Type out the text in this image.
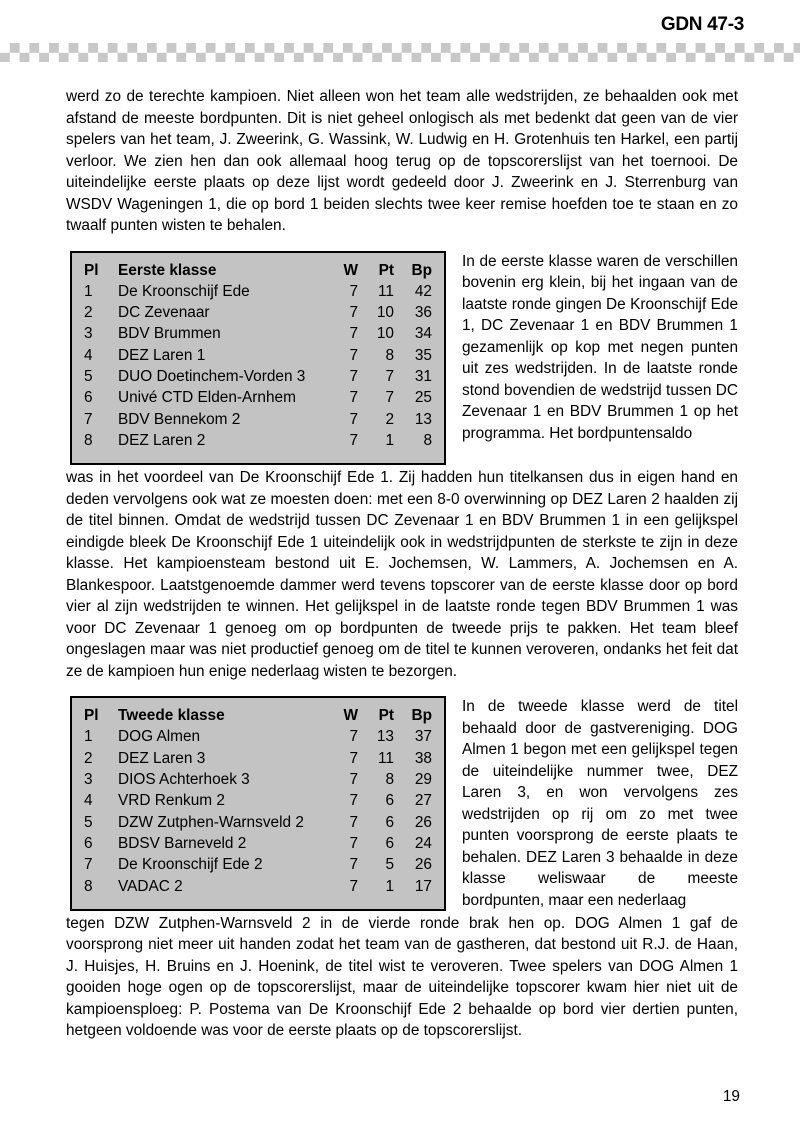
GDN 47-3

werd zo de terechte kampioen. Niet alleen won het team alle wedstrijden, ze behaalden ook met afstand de meeste bordpunten. Dit is niet geheel onlogisch als met bedenkt dat geen van de vier spelers van het team, J. Zweerink, G. Wassink, W. Ludwig en H. Grotenhuis ten Harkel, een partij verloor. We zien hen dan ook allemaal hoog terug op de topscorerslijst van het toernooi. De uiteindelijke eerste plaats op deze lijst wordt gedeeld door J. Zweerink en J. Sterrenburg van WSDV Wageningen 1, die op bord 1 beiden slechts twee keer remise hoefden toe te staan en zo twaalf punten wisten te behalen.

Pl	Eerste klasse	W	Pt	Bp
1	De Kroonschijf Ede	7	11	42
2	DC Zevenaar	7	10	36
3	BDV Brummen	7	10	34
4	DEZ Laren 1	7	8	35
5	DUO Doetinchem-Vorden 3	7	7	31
6	Univé CTD Elden-Arnhem	7	7	25
7	BDV Bennekom 2	7	2	13
8	DEZ Laren 2	7	1	8

In de eerste klasse waren de verschillen bovenin erg klein, bij het ingaan van de laatste ronde gingen De Kroonschijf Ede 1, DC Zevenaar 1 en BDV Brummen 1 gezamenlijk op kop met negen punten uit zes wedstrijden. In de laatste ronde stond bovendien de wedstrijd tussen DC Zevenaar 1 en BDV Brummen 1 op het programma. Het bordpuntensaldo

was in het voordeel van De Kroonschijf Ede 1. Zij hadden hun titelkansen dus in eigen hand en deden vervolgens ook wat ze moesten doen: met een 8-0 overwinning op DEZ Laren 2 haalden zij de titel binnen. Omdat de wedstrijd tussen DC Zevenaar 1 en BDV Brummen 1 in een gelijkspel eindigde bleek De Kroonschijf Ede 1 uiteindelijk ook in wedstrijdpunten de sterkste te zijn in deze klasse. Het kampioensteam bestond uit E. Jochemsen, W. Lammers, A. Jochemsen en A. Blankespoor. Laatstgenoemde dammer werd tevens topscorer van de eerste klasse door op bord vier al zijn wedstrijden te winnen. Het gelijkspel in de laatste ronde tegen BDV Brummen 1 was voor DC Zevenaar 1 genoeg om op bordpunten de tweede prijs te pakken. Het team bleef ongeslagen maar was niet productief genoeg om de titel te kunnen veroveren, ondanks het feit dat ze de kampioen hun enige nederlaag wisten te bezorgen.

Pl	Tweede klasse	W	Pt	Bp
1	DOG Almen	7	13	37
2	DEZ Laren 3	7	11	38
3	DIOS Achterhoek 3	7	8	29
4	VRD Renkum 2	7	6	27
5	DZW Zutphen-Warnsveld 2	7	6	26
6	BDSV Barneveld 2	7	6	24
7	De Kroonschijf Ede 2	7	5	26
8	VADAC 2	7	1	17

In de tweede klasse werd de titel behaald door de gastvereniging. DOG Almen 1 begon met een gelijkspel tegen de uiteindelijke nummer twee, DEZ Laren 3, en won vervolgens zes wedstrijden op rij om zo met twee punten voorsprong de eerste plaats te behalen. DEZ Laren 3 behaalde in deze klasse weliswaar de meeste bordpunten, maar een nederlaag

tegen DZW Zutphen-Warnsveld 2 in de vierde ronde brak hen op. DOG Almen 1 gaf de voorsprong niet meer uit handen zodat het team van de gastheren, dat bestond uit R.J. de Haan, J. Huisjes, H. Bruins en J. Hoenink, de titel wist te veroveren. Twee spelers van DOG Almen 1 gooiden hoge ogen op de topscorerslijst, maar de uiteindelijke topscorer kwam hier niet uit de kampioensploeg: P. Postema van De Kroonschijf Ede 2 behaalde op bord vier dertien punten, hetgeen voldoende was voor de eerste plaats op de topscorerslijst.

19
